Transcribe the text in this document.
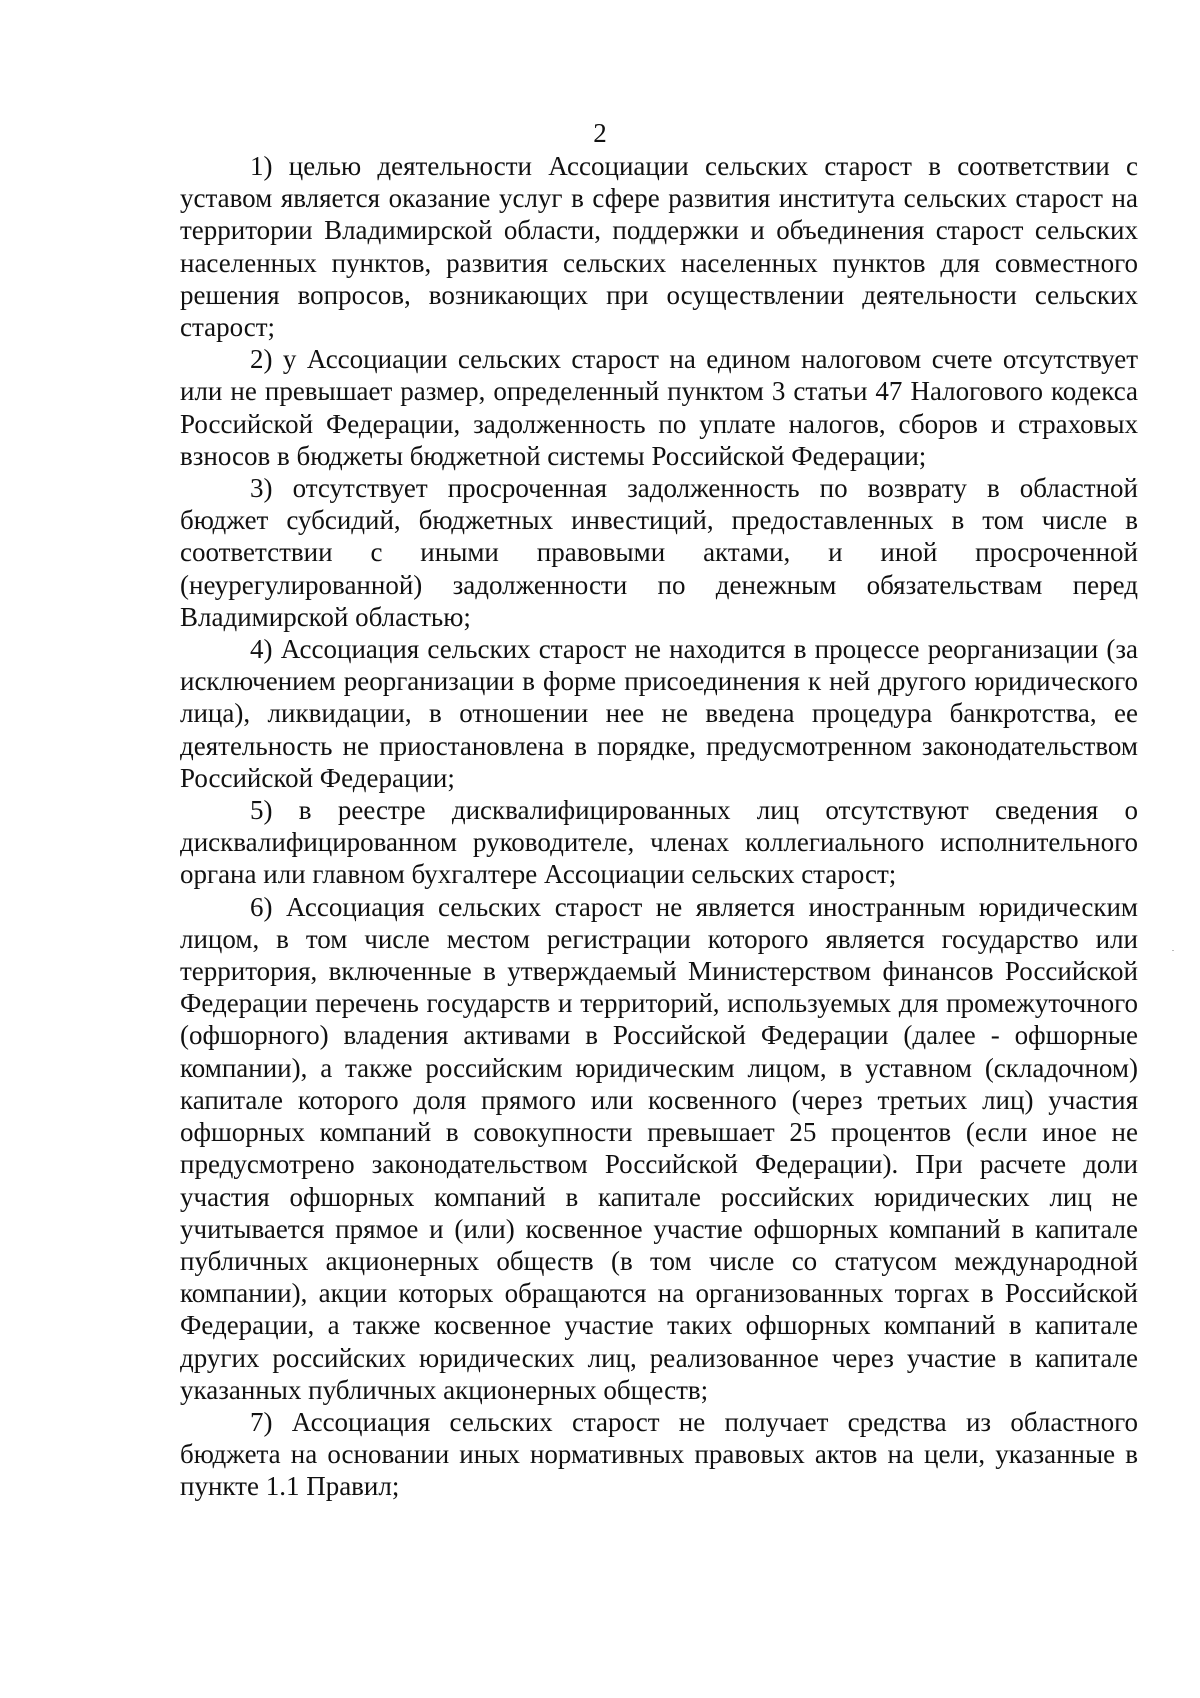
2

1) целью деятельности Ассоциации сельских старост в соответствии с уставом является оказание услуг в сфере развития института сельских старост на территории Владимирской области, поддержки и объединения старост сельских населенных пунктов, развития сельских населенных пунктов для совместного решения вопросов, возникающих при осуществлении деятельности сельских старост;

2) у Ассоциации сельских старост на едином налоговом счете отсутствует или не превышает размер, определенный пунктом 3 статьи 47 Налогового кодекса Российской Федерации, задолженность по уплате налогов, сборов и страховых взносов в бюджеты бюджетной системы Российской Федерации;

3) отсутствует просроченная задолженность по возврату в областной бюджет субсидий, бюджетных инвестиций, предоставленных в том числе в соответствии с иными правовыми актами, и иной просроченной (неурегулированной) задолженности по денежным обязательствам перед Владимирской областью;

4) Ассоциация сельских старост не находится в процессе реорганизации (за исключением реорганизации в форме присоединения к ней другого юридического лица), ликвидации, в отношении нее не введена процедура банкротства, ее деятельность не приостановлена в порядке, предусмотренном законодательством Российской Федерации;

5) в реестре дисквалифицированных лиц отсутствуют сведения о дисквалифицированном руководителе, членах коллегиального исполнительного органа или главном бухгалтере Ассоциации сельских старост;

6) Ассоциация сельских старост не является иностранным юридическим лицом, в том числе местом регистрации которого является государство или территория, включенные в утверждаемый Министерством финансов Российской Федерации перечень государств и территорий, используемых для промежуточного (офшорного) владения активами в Российской Федерации (далее - офшорные компании), а также российским юридическим лицом, в уставном (складочном) капитале которого доля прямого или косвенного (через третьих лиц) участия офшорных компаний в совокупности превышает 25 процентов (если иное не предусмотрено законодательством Российской Федерации). При расчете доли участия офшорных компаний в капитале российских юридических лиц не учитывается прямое и (или) косвенное участие офшорных компаний в капитале публичных акционерных обществ (в том числе со статусом международной компании), акции которых обращаются на организованных торгах в Российской Федерации, а также косвенное участие таких офшорных компаний в капитале других российских юридических лиц, реализованное через участие в капитале указанных публичных акционерных обществ;

7) Ассоциация сельских старост не получает средства из областного бюджета на основании иных нормативных правовых актов на цели, указанные в пункте 1.1 Правил;
